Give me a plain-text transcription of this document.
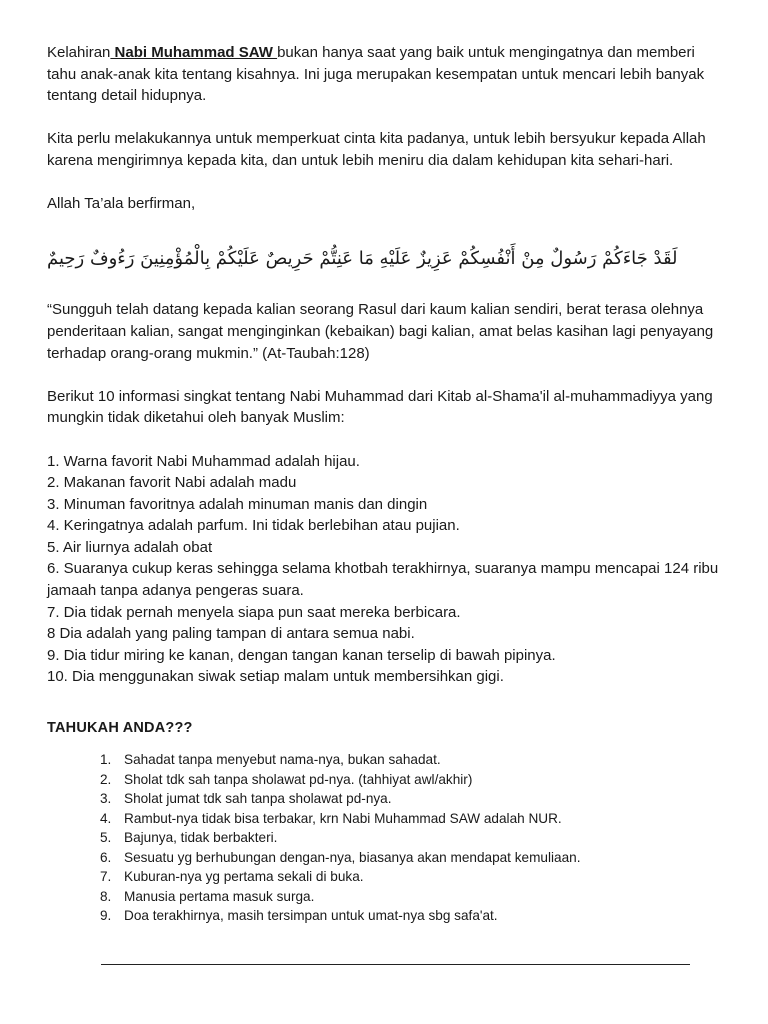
Kelahiran Nabi Muhammad SAW bukan hanya saat yang baik untuk mengingatnya dan memberi tahu anak-anak kita tentang kisahnya. Ini juga merupakan kesempatan untuk mencari lebih banyak tentang detail hidupnya.

Kita perlu melakukannya untuk memperkuat cinta kita padanya, untuk lebih bersyukur kepada Allah karena mengirimnya kepada kita, dan untuk lebih meniru dia dalam kehidupan kita sehari-hari.

Allah Ta’ala berfirman,

لَقَدْ جَاءَكُمْ رَسُولٌ مِنْ أَنْفُسِكُمْ عَزِيزٌ عَلَيْهِ مَا عَنِتُّمْ حَرِيصٌ عَلَيْكُمْ بِالْمُؤْمِنِينَ رَءُوفٌ رَحِيمٌ

“Sungguh telah datang kepada kalian seorang Rasul dari kaum kalian sendiri, berat terasa olehnya penderitaan kalian, sangat menginginkan (kebaikan) bagi kalian, amat belas kasihan lagi penyayang terhadap orang-orang mukmin.” (At-Taubah:128)

Berikut 10 informasi singkat tentang Nabi Muhammad dari Kitab al-Shama'il al-muhammadiyya yang mungkin tidak diketahui oleh banyak Muslim:

1. Warna favorit Nabi Muhammad adalah hijau.
2. Makanan favorit Nabi adalah madu
3. Minuman favoritnya adalah minuman manis dan dingin
4. Keringatnya adalah parfum. Ini tidak berlebihan atau pujian.
5. Air liurnya adalah obat
6. Suaranya cukup keras sehingga selama khotbah terakhirnya, suaranya mampu mencapai 124 ribu jamaah tanpa adanya pengeras suara.
7. Dia tidak pernah menyela siapa pun saat mereka berbicara.
8 Dia adalah yang paling tampan di antara semua nabi.
9. Dia tidur miring ke kanan, dengan tangan kanan terselip di bawah pipinya.
10. Dia menggunakan siwak setiap malam untuk membersihkan gigi.
TAHUKAH ANDA???
1. Sahadat tanpa menyebut nama-nya, bukan sahadat.
2. Sholat tdk sah tanpa sholawat pd-nya. (tahhiyat awl/akhir)
3. Sholat jumat tdk sah tanpa sholawat pd-nya.
4. Rambut-nya tidak bisa terbakar, krn Nabi Muhammad SAW adalah NUR.
5. Bajunya, tidak berbakteri.
6. Sesuatu yg berhubungan dengan-nya, biasanya akan mendapat kemuliaan.
7. Kuburan-nya yg pertama sekali di buka.
8. Manusia pertama masuk surga.
9. Doa terakhirnya, masih tersimpan untuk umat-nya sbg safa'at.
